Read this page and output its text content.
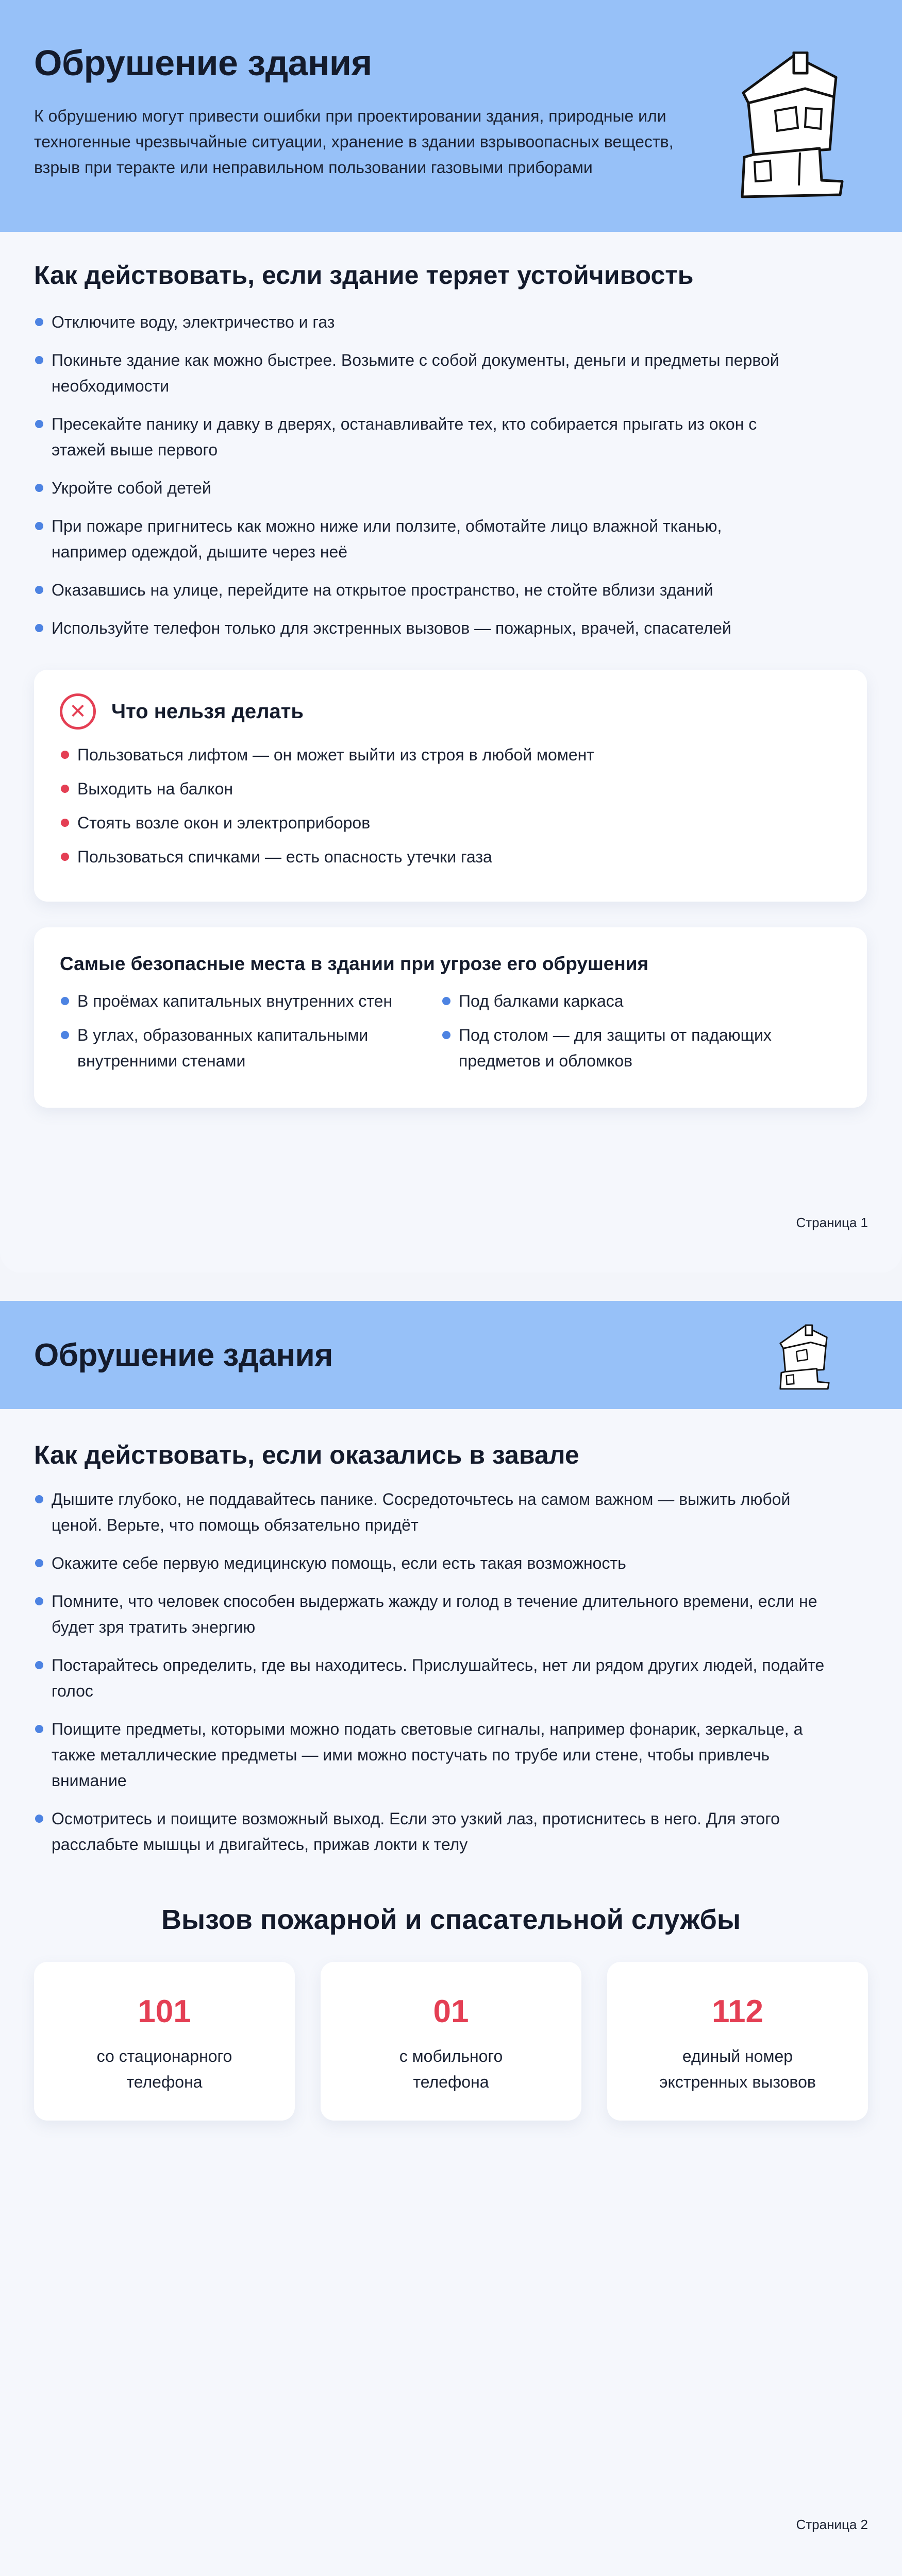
Обрушение здания

К обрушению могут привести ошибки при проектировании здания, природные или техногенные чрезвычайные ситуации, хранение в здании взрывоопасных веществ, взрыв при теракте или неправильном пользовании газовыми приборами

Как действовать, если здание теряет устойчивость
Отключите воду, электричество и газ
Покиньте здание как можно быстрее. Возьмите с собой документы, деньги и предметы первой необходимости
Пресекайте панику и давку в дверях, останавливайте тех, кто собирается прыгать из окон с этажей выше первого
Укройте собой детей
При пожаре пригнитесь как можно ниже или ползите, обмотайте лицо влажной тканью, например одеждой, дышите через неё
Оказавшись на улице, перейдите на открытое пространство, не стойте вблизи зданий
Используйте телефон только для экстренных вызовов — пожарных, врачей, спасателей
✕	Что нельзя делать
Пользоваться лифтом — он может выйти из строя в любой момент
Выходить на балкон
Стоять возле окон и электроприборов
Пользоваться спичками — есть опасность утечки газа
Самые безопасные места в здании при угрозе его обрушения
В проёмах капитальных внутренних стен
В углах, образованных капитальными внутренними стенами
Под балками каркаса
Под столом — для защиты от падающих предметов и обломков
Страница 1
Обрушение здания
Как действовать, если оказались в завале
Дышите глубоко, не поддавайтесь панике. Сосредоточьтесь на самом важном — выжить любой ценой. Верьте, что помощь обязательно придёт
Окажите себе первую медицинскую помощь, если есть такая возможность
Помните, что человек способен выдержать жажду и голод в течение длительного времени, если не будет зря тратить энергию
Постарайтесь определить, где вы находитесь. Прислушайтесь, нет ли рядом других людей, подайте голос
Поищите предметы, которыми можно подать световые сигналы, например фонарик, зеркальце, а также металлические предметы — ими можно постучать по трубе или стене, чтобы привлечь внимание
Осмотритесь и поищите возможный выход. Если это узкий лаз, протиснитесь в него. Для этого расслабьте мышцы и двигайтесь, прижав локти к телу
Вызов пожарной и спасательной службы
101
со стационарного
телефона
01
с мобильного
телефона
112
единый номер
экстренных вызовов
Страница 2
